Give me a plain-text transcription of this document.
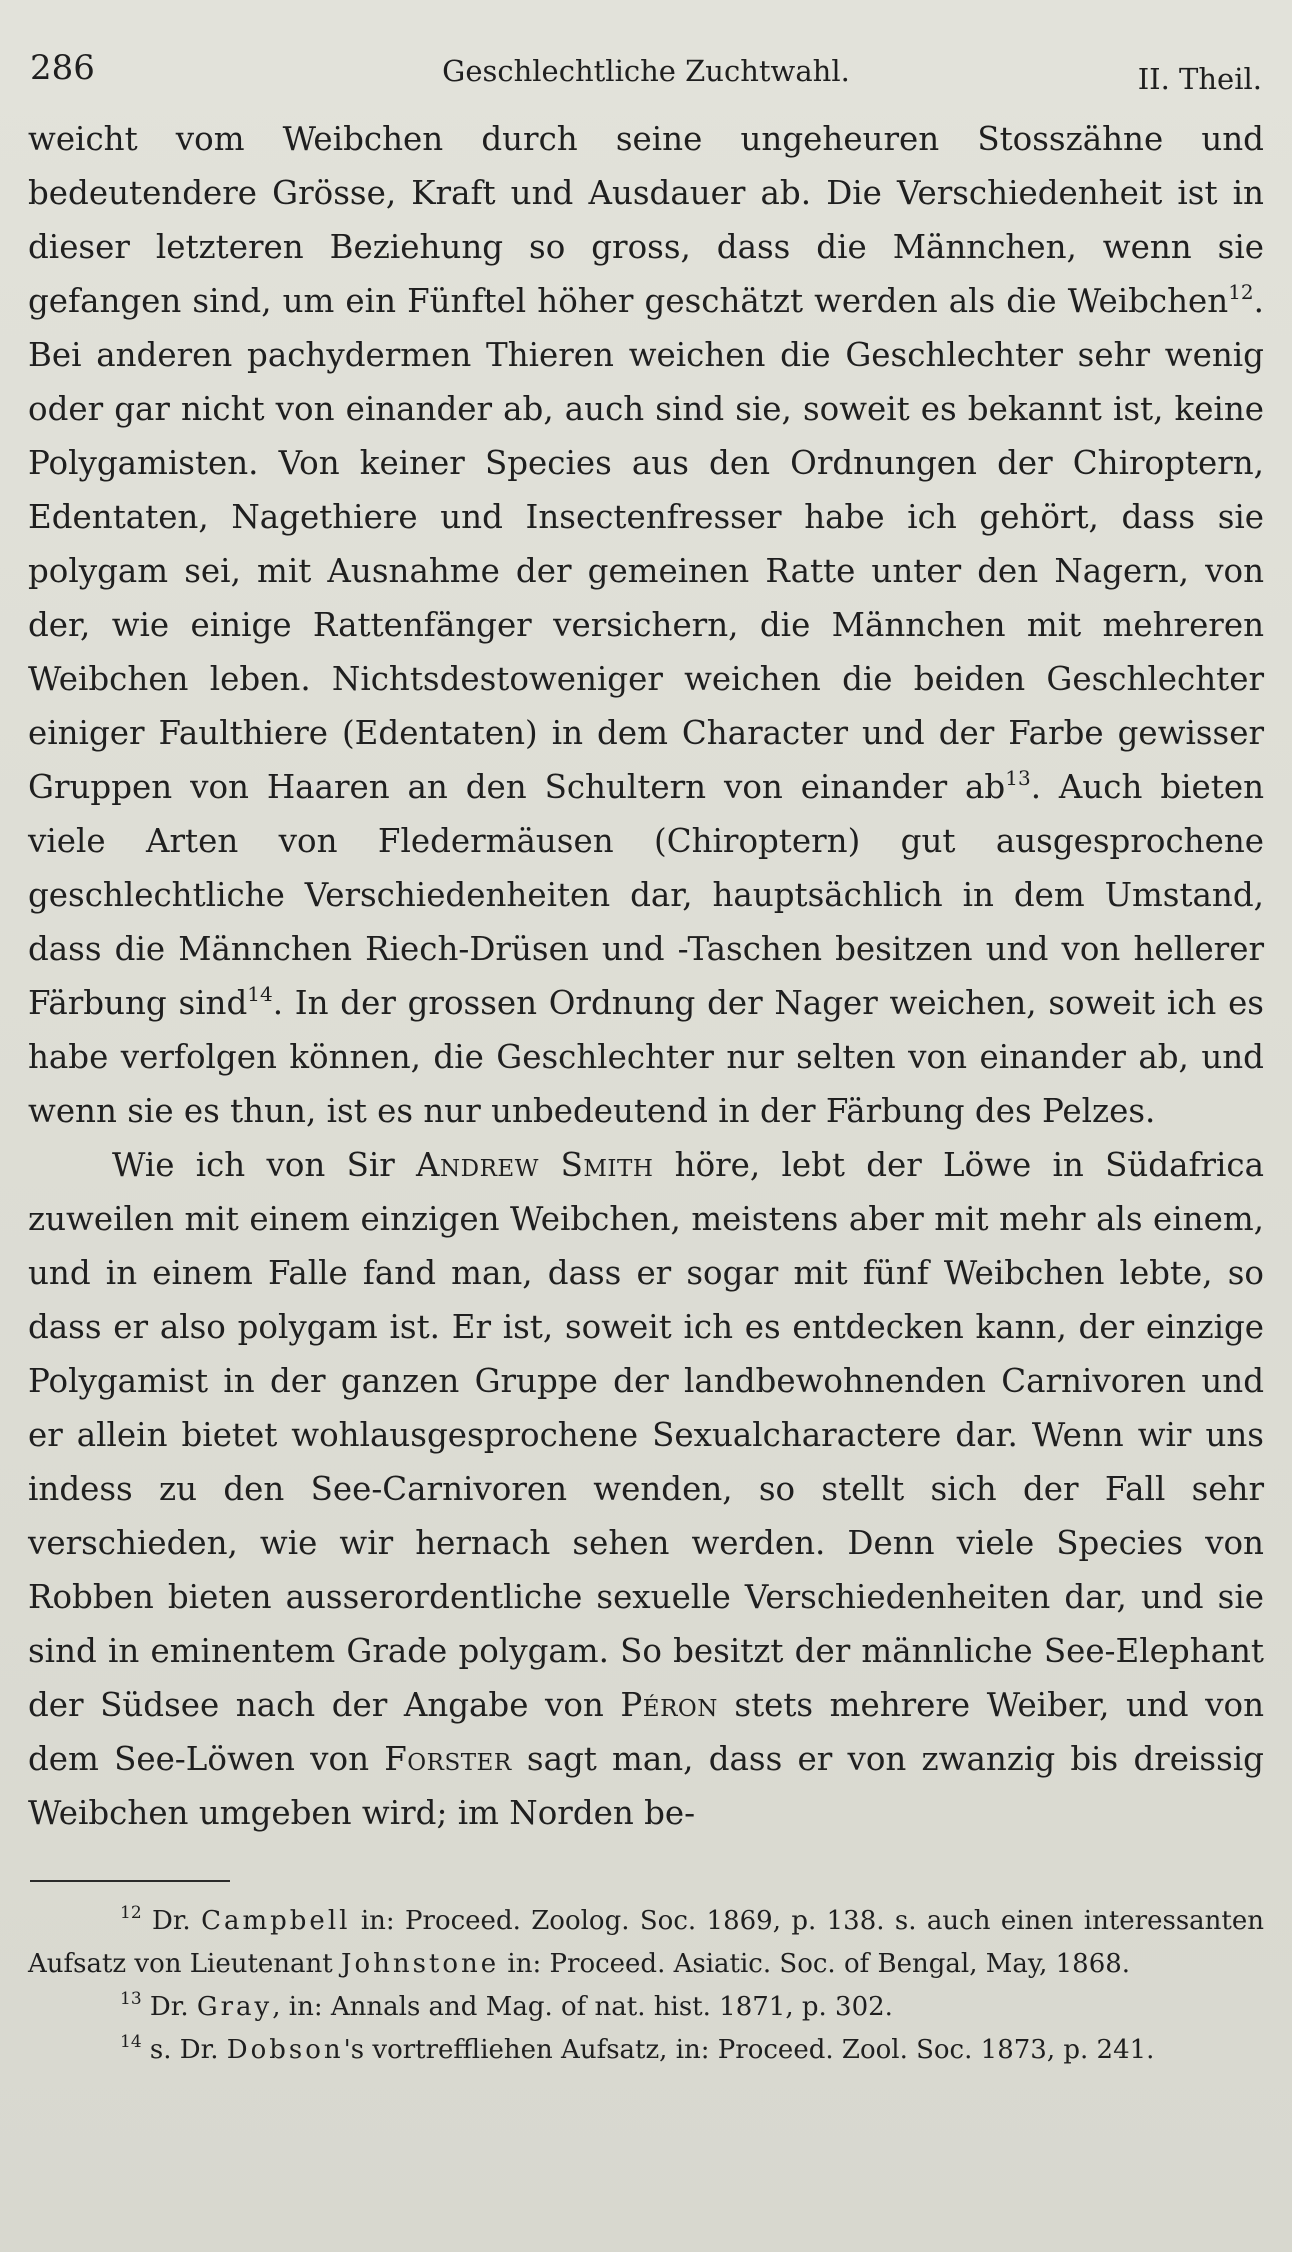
286	Geschlechtliche Zuchtwahl.	II. Theil.

weicht vom Weibchen durch seine ungeheuren Stosszähne und bedeutendere Grösse, Kraft und Ausdauer ab. Die Verschiedenheit ist in dieser letzteren Beziehung so gross, dass die Männchen, wenn sie gefangen sind, um ein Fünftel höher geschätzt werden als die Weibchen$^{12}$. Bei anderen pachydermen Thieren weichen die Geschlechter sehr wenig oder gar nicht von einander ab, auch sind sie, soweit es bekannt ist, keine Polygamisten. Von keiner Species aus den Ordnungen der Chiroptern, Edentaten, Nagethiere und Insectenfresser habe ich gehört, dass sie polygam sei, mit Ausnahme der gemeinen Ratte unter den Nagern, von der, wie einige Rattenfänger versichern, die Männchen mit mehreren Weibchen leben. Nichtsdestoweniger weichen die beiden Geschlechter einiger Faulthiere (Edentaten) in dem Character und der Farbe gewisser Gruppen von Haaren an den Schultern von einander $ab^{13}$. Auch bieten viele Arten von Fledermäusen (Chiroptern) gut ausgesprochene geschlechtliche Verschiedenheiten dar, hauptsächlich in dem Umstand, dass die Männchen Riech-Drüsen und -Taschen besitzen und von hellerer Färbung sind$^{14}$. In der grossen Ordnung der Nager weichen, soweit ich es habe verfolgen können, die Geschlechter nur selten von einander ab, und wenn sie es thun, ist es nur unbedeutend in der Färbung des Pelzes.

Wie ich von Sir Andrew Smith höre, lebt der Löwe in Südafrica zuweilen mit einem einzigen Weibchen, meistens aber mit mehr als einem, und in einem Falle fand man, dass er sogar mit fünf Weibchen lebte, so dass er also polygam ist. Er ist, soweit ich es entdecken kann, der einzige Polygamist in der ganzen Gruppe der landbewohnenden Carnivoren und er allein bietet wohlausgesprochene Sexualcharactere dar. Wenn wir uns indess zu den See-Carnivoren wenden, so stellt sich der Fall sehr verschieden, wie wir hernach sehen werden. Denn viele Species von Robben bieten ausserordentliche sexuelle Verschiedenheiten dar, und sie sind in eminentem Grade polygam. So besitzt der männliche See-Elephant der Südsee nach der Angabe von Péron stets mehrere Weiber, und von dem See-Löwen von Forster sagt man, dass er von zwanzig bis dreissig Weibchen umgeben wird; im Norden be-

$^{12}$ Dr. Campbell in: Proceed. Zoolog. Soc. 1869, p. 138. s. auch einen interessanten Aufsatz von Lieutenant Johnstone in: Proceed. Asiatic. Soc. of Bengal, May, 1868.

$^{13}$ Dr. Gray, in: Annals and Mag. of nat. hist. 1871, p. 302.

$^{14}$ s. Dr. Dobson's vortreffliehen Aufsatz, in: Proceed. Zool. Soc. 1873, p. 241.
